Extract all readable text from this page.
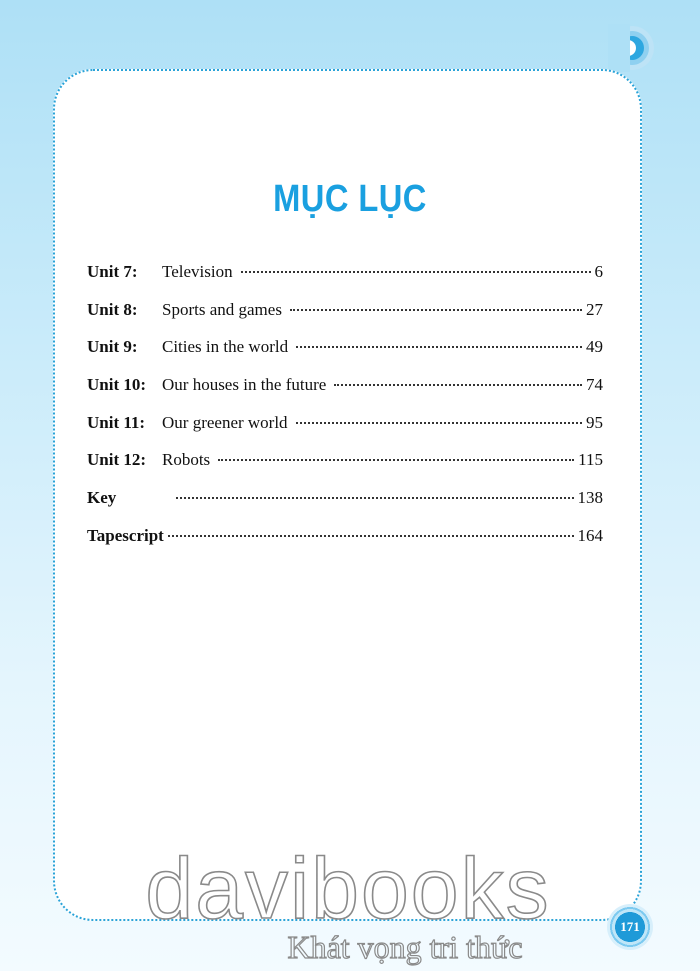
MỤC LỤC
Unit 7:	Television	6
Unit 8:	Sports and games	27
Unit 9:	Cities in the world	49
Unit 10: Our houses in the future	74
Unit 11: Our greener world	95
Unit 12: Robots	115
Key	138
Tapescript	164
davibooks
Khát vọng tri thức
171
